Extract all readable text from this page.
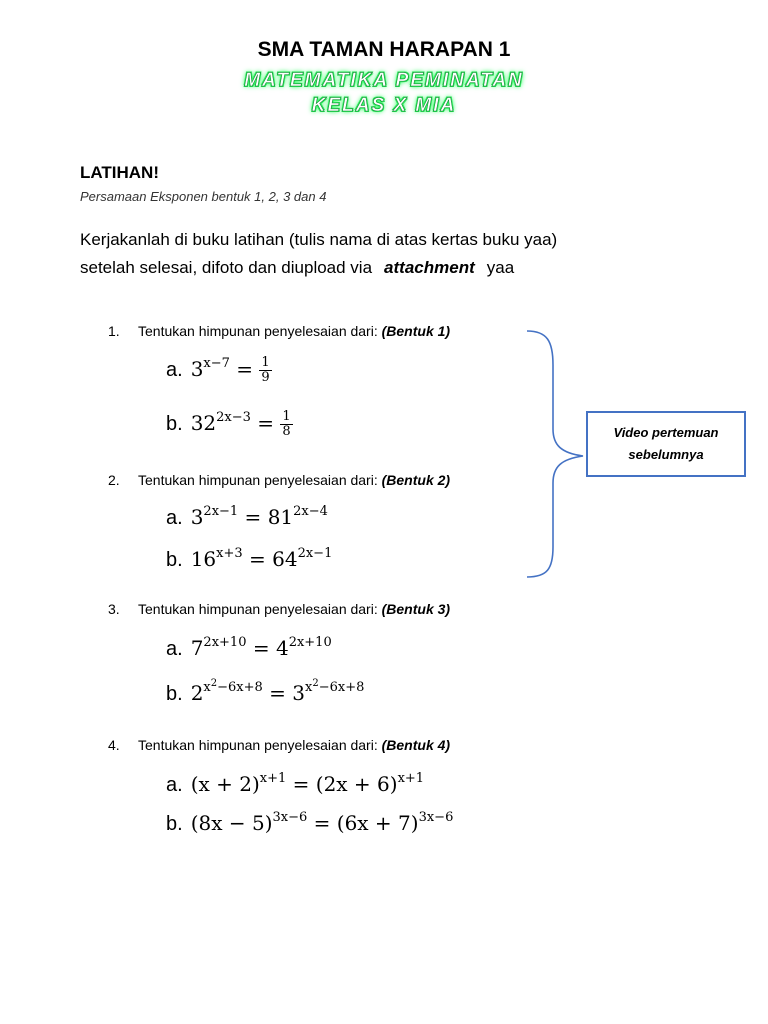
SMA TAMAN HARAPAN 1
MATEMATIKA PEMINATAN
KELAS X MIA
LATIHAN!
Persamaan Eksponen bentuk 1, 2, 3 dan 4
Kerjakanlah di buku latihan (tulis nama di atas kertas buku yaa)
setelah selesai, difoto dan diupload via attachment yaa
1. Tentukan himpunan penyelesaian dari: (Bentuk 1)
a. $3^{x-7} = \frac{1}{9}$
b. $32^{2x-3} = \frac{1}{8}$
2. Tentukan himpunan penyelesaian dari: (Bentuk 2)
a. $3^{2x-1} = 81^{2x-4}$
b. $16^{x+3} = 64^{2x-1}$
3. Tentukan himpunan penyelesaian dari: (Bentuk 3)
a. $7^{2x+10} = 4^{2x+10}$
b. $2^{x^2-6x+8} = 3^{x^2-6x+8}$
4. Tentukan himpunan penyelesaian dari: (Bentuk 4)
a. $(x + 2)^{x+1} = (2x + 6)^{x+1}$
b. $(8x - 5)^{3x-6} = (6x + 7)^{3x-6}$
Video pertemuan
sebelumnya
